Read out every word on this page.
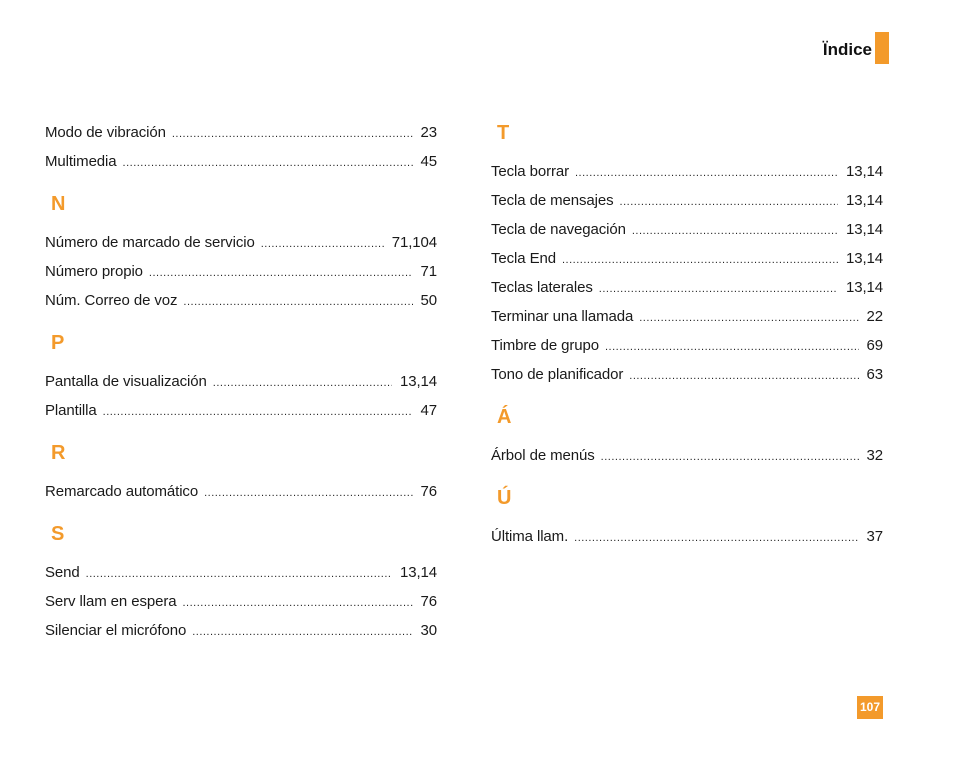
Ïndice
Modo de vibración .....	23
Multimedia .....	45
N
Número de marcado de servicio .....	71,104
Número propio .....	71
Núm. Correo de voz .....	50
P
Pantalla de visualización .....	13,14
Plantilla .....	47
R
Remarcado automático .....	76
S
Send .....	13,14
Serv llam en espera .....	76
Silenciar el micrófono .....	30
T
Tecla borrar .....	13,14
Tecla de mensajes .....	13,14
Tecla de navegación .....	13,14
Tecla End .....	13,14
Teclas laterales .....	13,14
Terminar una llamada .....	22
Timbre de grupo .....	69
Tono de planificador .....	63
Á
Árbol de menús .....	32
Ú
Última llam. .....	37
107
